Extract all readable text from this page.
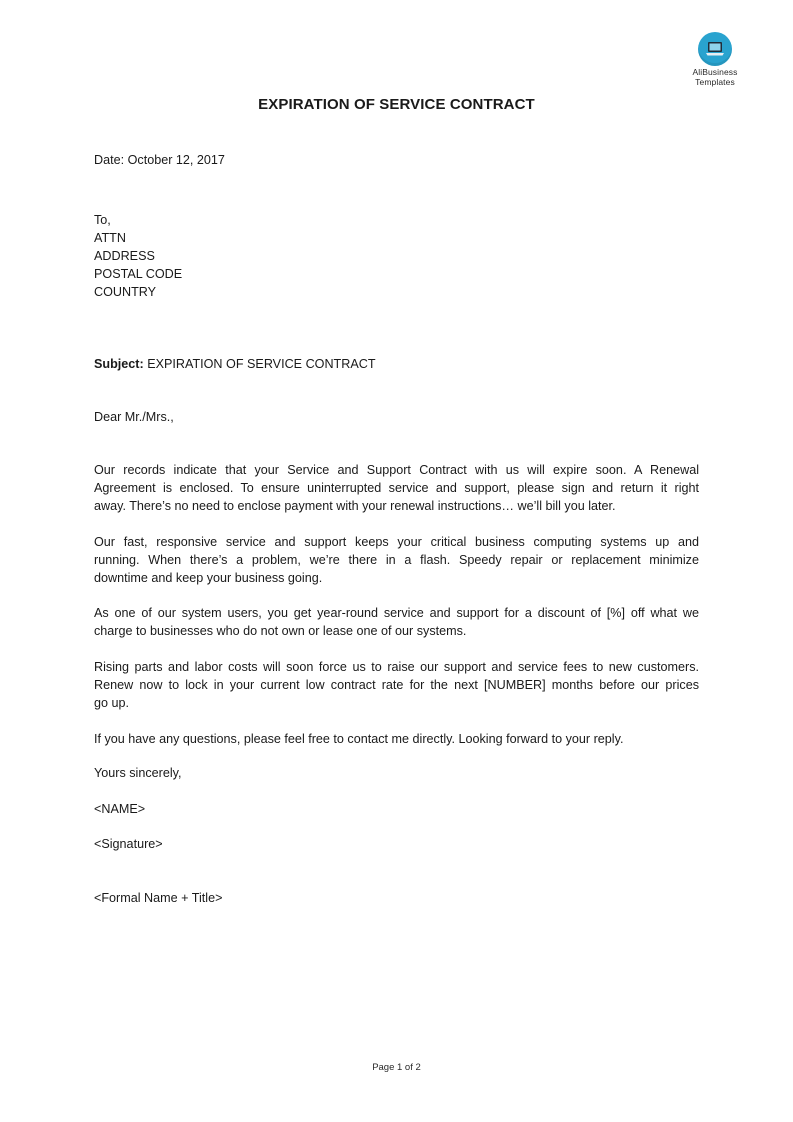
AliBusiness
Templates
EXPIRATION OF SERVICE CONTRACT
Date: October 12, 2017
To,
ATTN
ADDRESS
POSTAL CODE
COUNTRY
Subject: EXPIRATION OF SERVICE CONTRACT
Dear Mr./Mrs.,
Our records indicate that your Service and Support Contract with us will expire soon. A Renewal
Agreement is enclosed. To ensure uninterrupted service and support, please sign and return it right
away. There’s no need to enclose payment with your renewal instructions… we’ll bill you later.
Our fast, responsive service and support keeps your critical business computing systems up and
running. When there’s a problem, we’re there in a flash. Speedy repair or replacement minimize
downtime and keep your business going.
As one of our system users, you get year-round service and support for a discount of [%] off what we
charge to businesses who do not own or lease one of our systems.
Rising parts and labor costs will soon force us to raise our support and service fees to new customers.
Renew now to lock in your current low contract rate for the next [NUMBER] months before our prices
go up.
If you have any questions, please feel free to contact me directly. Looking forward to your reply.
Yours sincerely,
<NAME>
<Signature>
<Formal Name + Title>
Page 1 of 2
